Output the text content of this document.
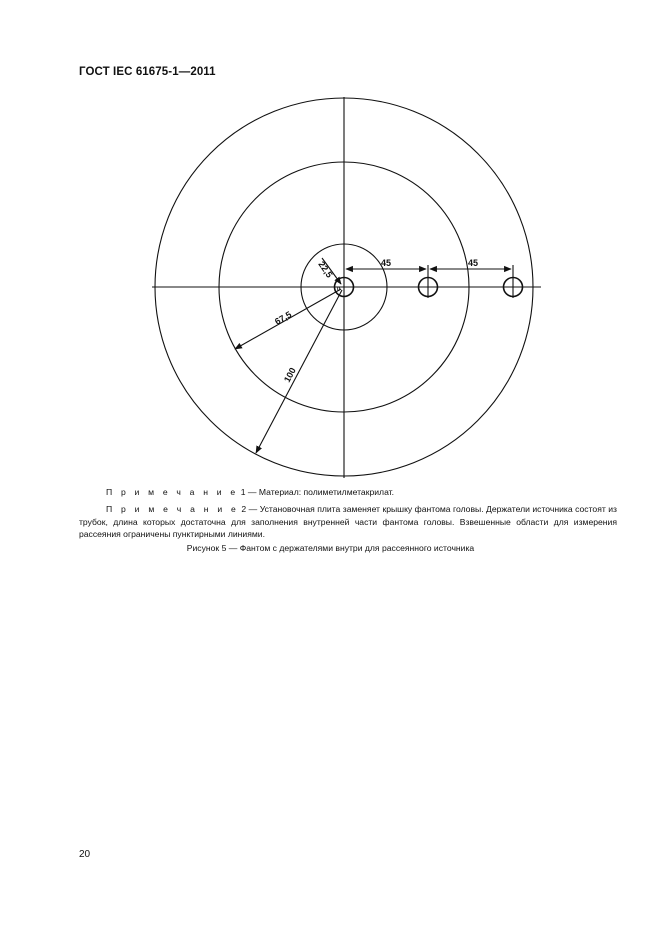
ГОСТ IEC 61675-1—2011
22,5	45	45
67,5
100
0
П р и м е ч а н и е 1 — Материал: полиметилметакрилат.
П р и м е ч а н и е 2 — Установочная плита заменяет крышку фантома головы. Держатели источника состоят из трубок, длина которых достаточна для заполнения внутренней части фантома головы. Взвешенные области для измерения рассеяния ограничены пунктирными линиями.
Рисунок 5 — Фантом с держателями внутри для рассеянного источника
20
